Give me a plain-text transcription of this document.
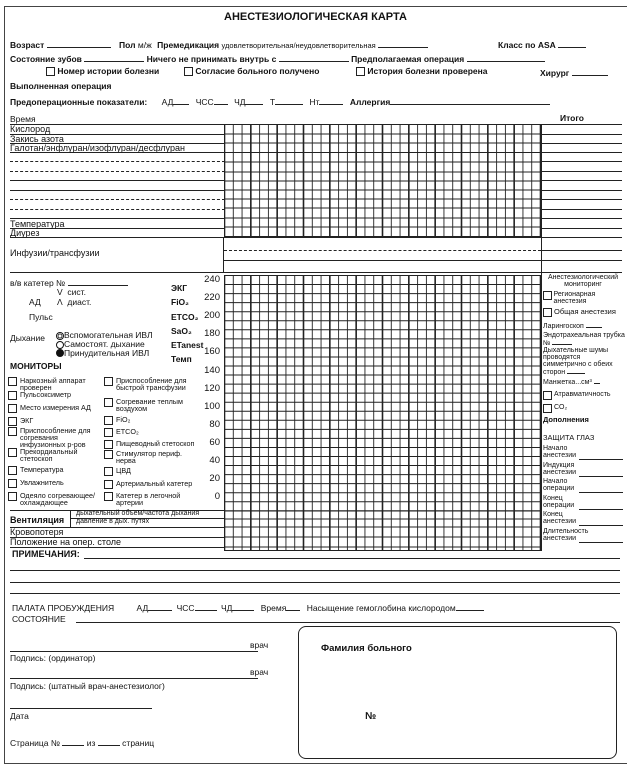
АНЕСТЕЗИОЛОГИЧЕСКАЯ КАРТА
Возраст	Пол м/ж Премедикация удовлетворительная/неудовлетворительная	Класс по ASA
Состояние зубов	Ничего не принимать внутрь с	Предполагаемая операция
Номер истории болезни	Согласие больного получено	История болезни проверена	Хирург
Выполненная операция
Предоперационные показатели: АД	ЧСС ЧД	Т	Нт	Аллергия
Время	Итого
Кислород
Закись азота
Галотан/энфлуран/изофлуран/десфлуран
Температура
Диурез
Инфузии/трансфузии
в/в катетер №
V сист.
АД Λ диаст.
Пульс
Дыхание	Вспомогательная ИВЛ
Самостоят. дыхание
Принудительная ИВЛ
ЭКГ
FiO₂
ETCO₂
SaO₂
ETanest
Темп
240
220
200
180
160
140
120
100
80
60
40
20
0
МОНИТОРЫ
Наркозный аппарат проверен
Пульсоксиметр
Место измерения АД
ЭКГ
Приспособление для согревания инфузионных р-ров
Прекордиальный стетоскоп
Температура
Увлажнитель
Одеяло согревающее/ охлаждающее
Приспособление для быстрой трансфузии
Согревание теплым воздухом
FiO₂
ETCO₂
Пищеводный стетоскоп
Стимулятор периф. нерва
ЦВД
Артериальный катетер
Катетер в легочной артерии
Вентиляция
дыхательный объем/частота дыхания
давление в дых. путях
Кровопотеря
Положение на опер. столе
Анестезиологический мониторинг
Регионарная анестезия
Общая анестезия
Ларингоскоп
Эндотрахеальная трубка №
Дыхательные шумы проводятся симметрично с обеих сторон
Манжетка...см³
Атравматичность
CO₂
Дополнения
ЗАЩИТА ГЛАЗ
Начало анестезии
Индукция анестезии
Начало операции
Конец операции
Конец анестезии
Длительность анестезии
ПРИМЕЧАНИЯ:
ПАЛАТА ПРОБУЖДЕНИЯ	АД	ЧСС	ЧД	Время Насыщение гемоглобина кислородом
СОСТОЯНИЕ
врач
Подпись: (ординатор)
врач
Подпись: (штатный врач-анестезиолог)
Дата
Страница №	из	страниц
Фамилия больного
№
